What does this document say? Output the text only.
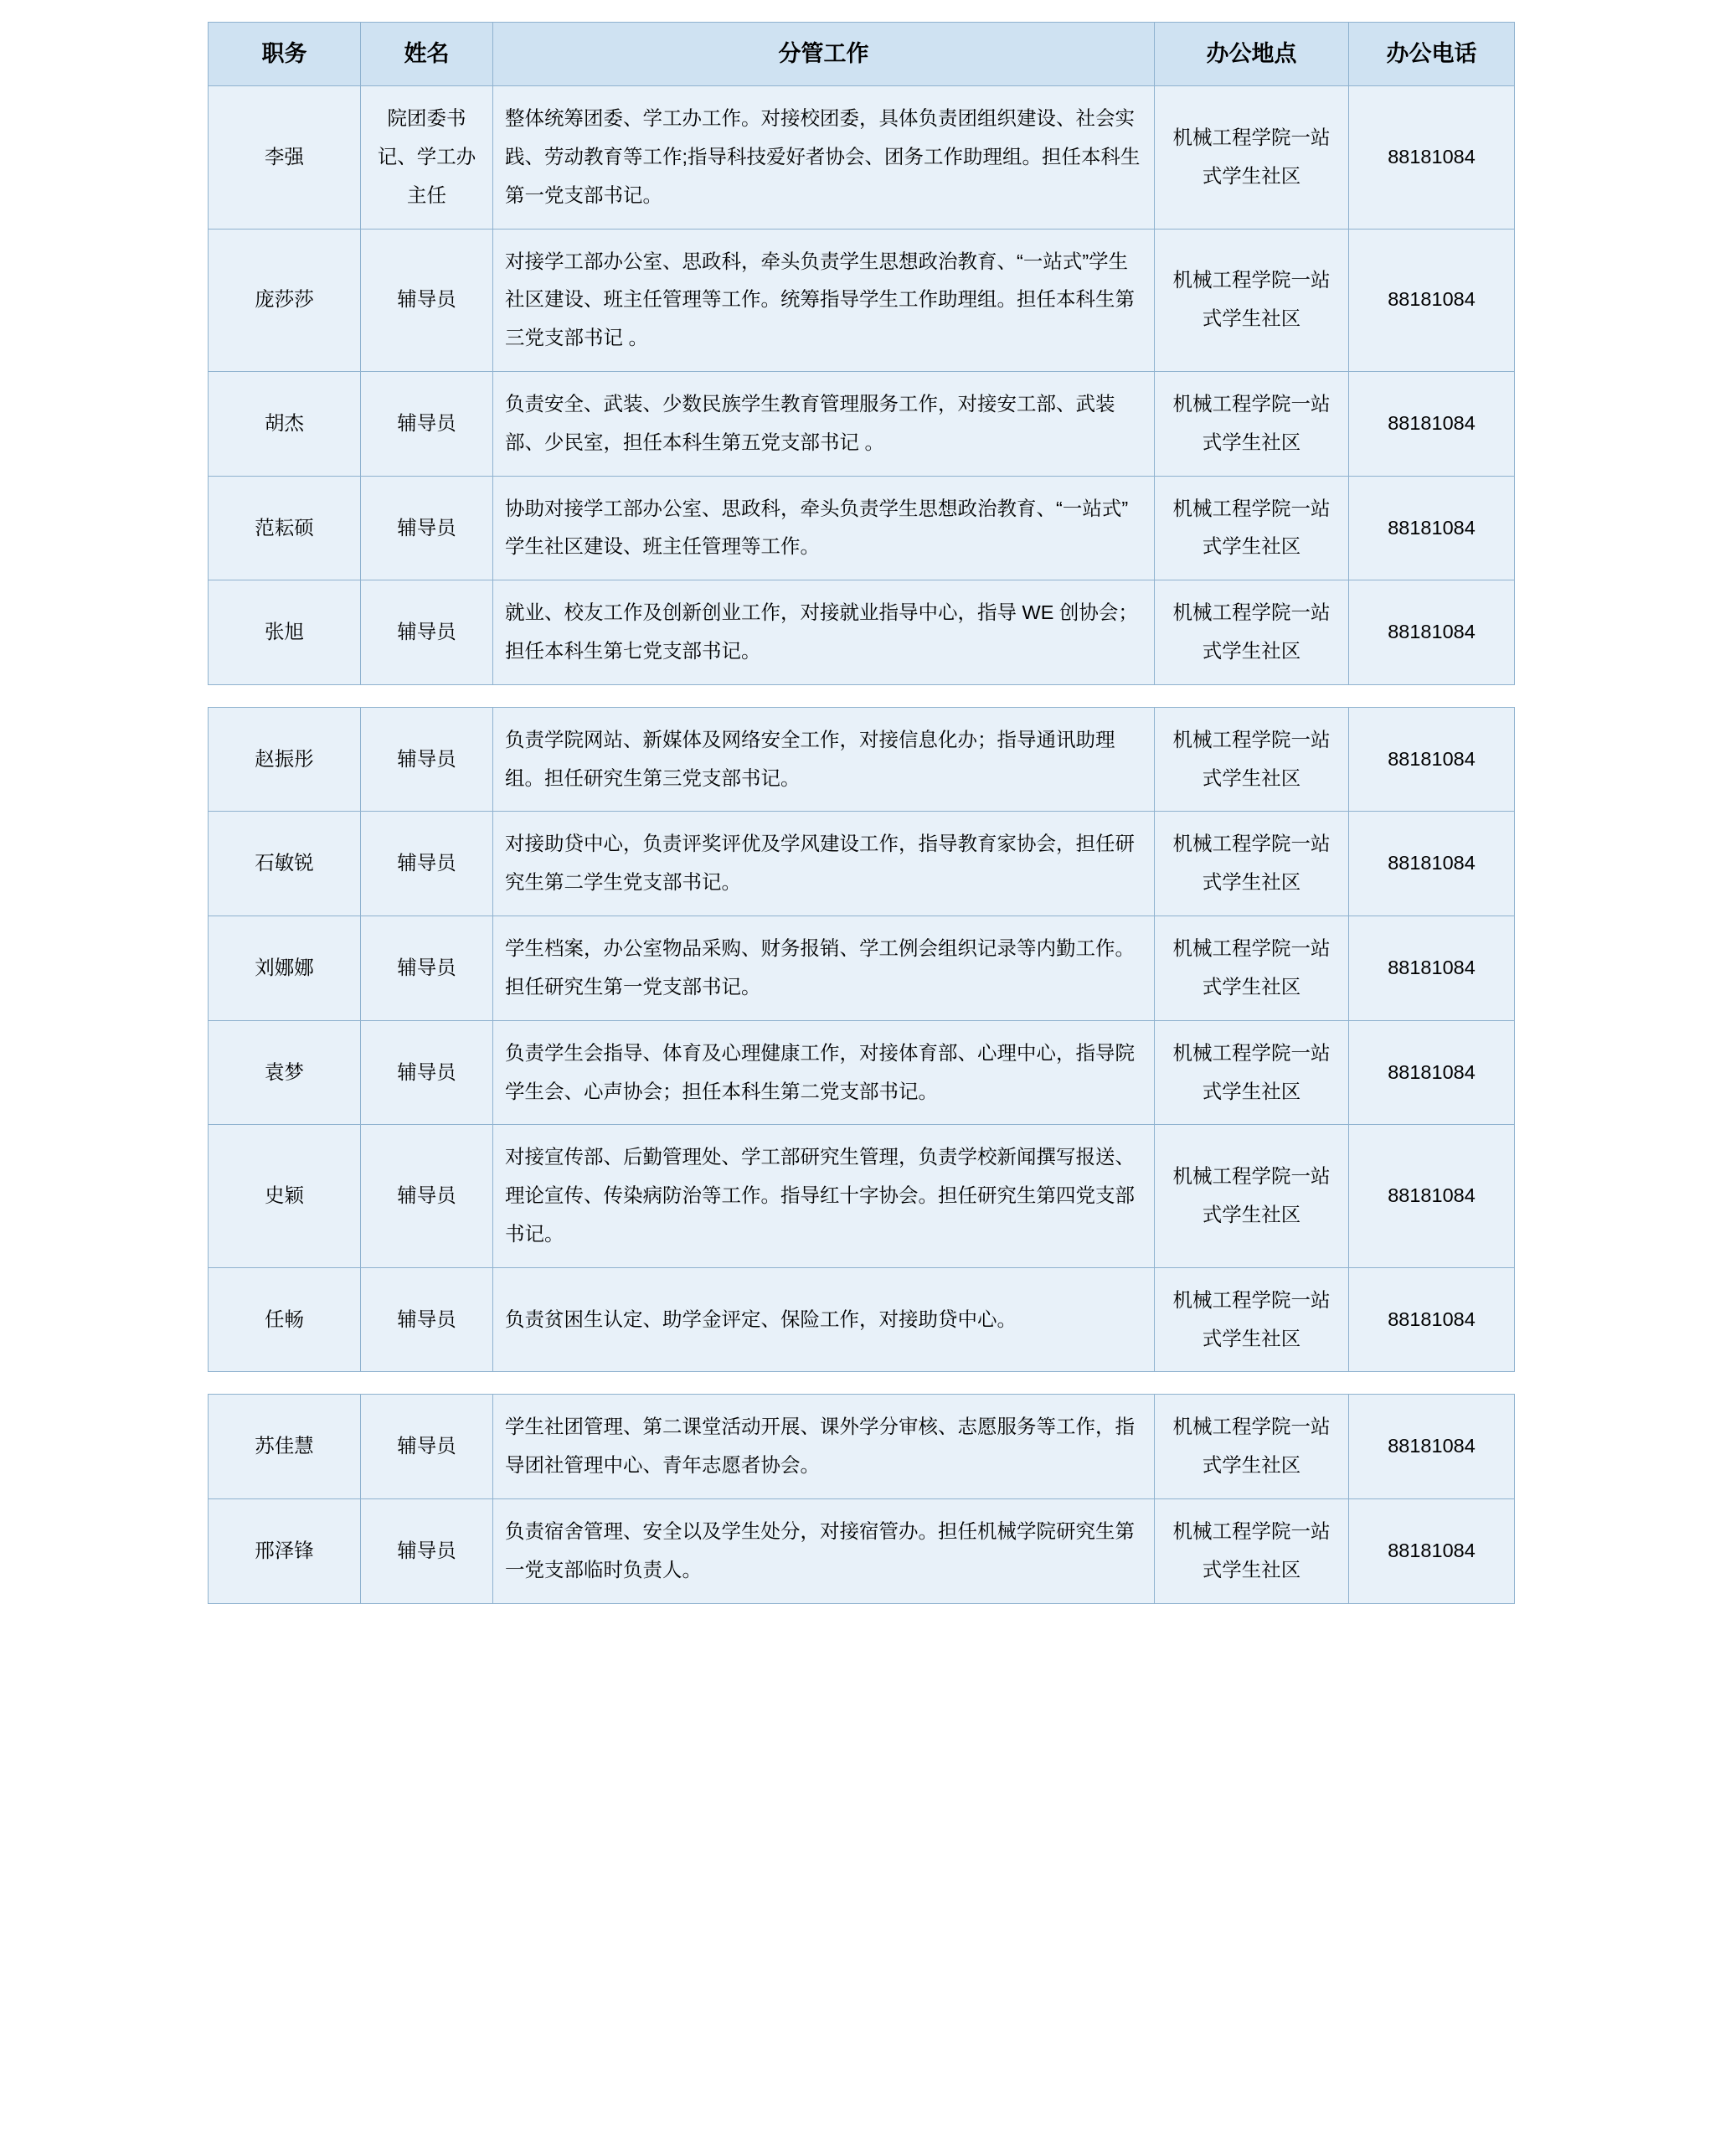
职务	姓名	分管工作	办公地点	办公电话
李强	院团委书记、学工办主任	整体统筹团委、学工办工作。对接校团委，具体负责团组织建设、社会实践、劳动教育等工作;指导科技爱好者协会、团务工作助理组。担任本科生第一党支部书记。	机械工程学院一站式学生社区	88181084
庞莎莎	辅导员	对接学工部办公室、思政科，牵头负责学生思想政治教育、“一站式”学生社区建设、班主任管理等工作。统筹指导学生工作助理组。担任本科生第三党支部书记 。	机械工程学院一站式学生社区	88181084
胡杰	辅导员	负责安全、武装、少数民族学生教育管理服务工作，对接安工部、武装部、少民室，担任本科生第五党支部书记 。	机械工程学院一站式学生社区	88181084
范耘硕	辅导员	协助对接学工部办公室、思政科，牵头负责学生思想政治教育、“一站式”学生社区建设、班主任管理等工作。	机械工程学院一站式学生社区	88181084
张旭	辅导员	就业、校友工作及创新创业工作，对接就业指导中心，指导 WE 创协会；担任本科生第七党支部书记。	机械工程学院一站式学生社区	88181084
赵振彤	辅导员	负责学院网站、新媒体及网络安全工作，对接信息化办；指导通讯助理组。担任研究生第三党支部书记。	机械工程学院一站式学生社区	88181084
石敏锐	辅导员	对接助贷中心，负责评奖评优及学风建设工作，指导教育家协会，担任研究生第二学生党支部书记。	机械工程学院一站式学生社区	88181084
刘娜娜	辅导员	学生档案，办公室物品采购、财务报销、学工例会组织记录等内勤工作。担任研究生第一党支部书记。	机械工程学院一站式学生社区	88181084
袁梦	辅导员	负责学生会指导、体育及心理健康工作，对接体育部、心理中心，指导院学生会、心声协会；担任本科生第二党支部书记。	机械工程学院一站式学生社区	88181084
史颖	辅导员	对接宣传部、后勤管理处、学工部研究生管理，负责学校新闻撰写报送、理论宣传、传染病防治等工作。指导红十字协会。担任研究生第四党支部书记。	机械工程学院一站式学生社区	88181084
任畅	辅导员	负责贫困生认定、助学金评定、保险工作，对接助贷中心。	机械工程学院一站式学生社区	88181084
苏佳慧	辅导员	学生社团管理、第二课堂活动开展、课外学分审核、志愿服务等工作，指导团社管理中心、青年志愿者协会。	机械工程学院一站式学生社区	88181084
邢泽锋	辅导员	负责宿舍管理、安全以及学生处分，对接宿管办。担任机械学院研究生第一党支部临时负责人。	机械工程学院一站式学生社区	88181084
